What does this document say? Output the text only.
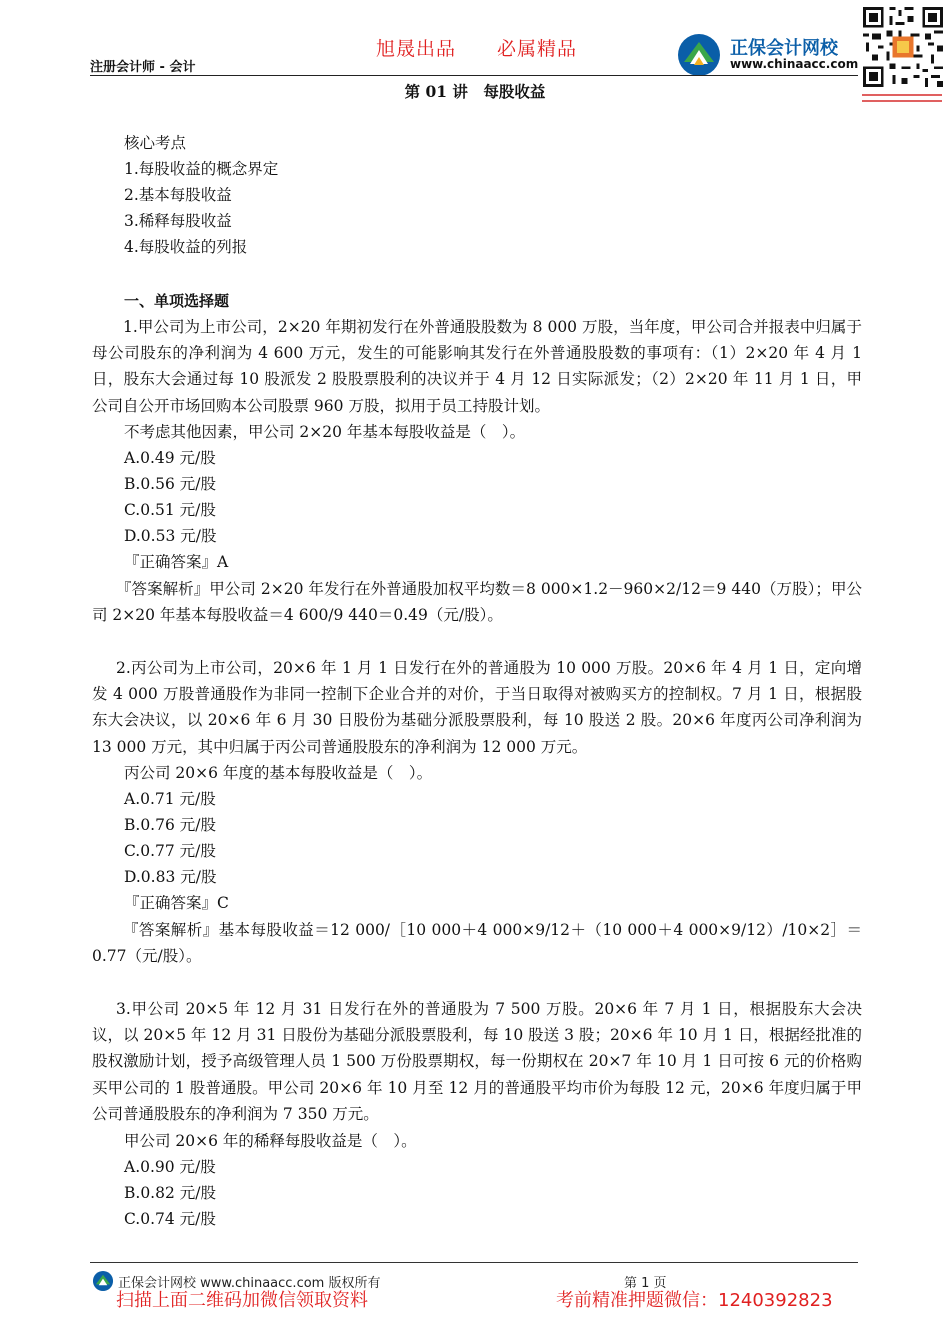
旭晟出品 必属精品
注册会计师 - 会计
正保会计网校
www.chinaacc.com
第 01 讲　每股收益
核心考点
1.每股收益的概念界定
2.基本每股收益
3.稀释每股收益
4.每股收益的列报
一、单项选择题
1.甲公司为上市公司，2×20 年期初发行在外普通股股数为 8 000 万股，当年度，甲公司合并报表中归属于母公司股东的净利润为 4 600 万元，发生的可能影响其发行在外普通股股数的事项有：（1）2×20 年 4 月 1 日，股东大会通过每 10 股派发 2 股股票股利的决议并于 4 月 12 日实际派发；（2）2×20 年 11 月 1 日，甲公司自公开市场回购本公司股票 960 万股，拟用于员工持股计划。
不考虑其他因素，甲公司 2×20 年基本每股收益是（　）。
A.0.49 元/股
B.0.56 元/股
C.0.51 元/股
D.0.53 元/股
『正确答案』A
『答案解析』甲公司 2×20 年发行在外普通股加权平均数＝8 000×1.2－960×2/12＝9 440（万股）；甲公司 2×20 年基本每股收益＝4 600/9 440＝0.49（元/股）。
2.丙公司为上市公司，20×6 年 1 月 1 日发行在外的普通股为 10 000 万股。20×6 年 4 月 1 日，定向增发 4 000 万股普通股作为非同一控制下企业合并的对价，于当日取得对被购买方的控制权。7 月 1 日，根据股东大会决议，以 20×6 年 6 月 30 日股份为基础分派股票股利，每 10 股送 2 股。20×6 年度丙公司净利润为 13 000 万元，其中归属于丙公司普通股股东的净利润为 12 000 万元。
丙公司 20×6 年度的基本每股收益是（　）。
A.0.71 元/股
B.0.76 元/股
C.0.77 元/股
D.0.83 元/股
『正确答案』C
『答案解析』基本每股收益＝12 000/［10 000＋4 000×9/12＋（10 000＋4 000×9/12）/10×2］＝0.77（元/股）。
3.甲公司 20×5 年 12 月 31 日发行在外的普通股为 7 500 万股。20×6 年 7 月 1 日，根据股东大会决议，以 20×5 年 12 月 31 日股份为基础分派股票股利，每 10 股送 3 股；20×6 年 10 月 1 日，根据经批准的股权激励计划，授予高级管理人员 1 500 万份股票期权，每一份期权在 20×7 年 10 月 1 日可按 6 元的价格购买甲公司的 1 股普通股。甲公司 20×6 年 10 月至 12 月的普通股平均市价为每股 12 元，20×6 年度归属于甲公司普通股股东的净利润为 7 350 万元。
甲公司 20×6 年的稀释每股收益是（　）。
A.0.90 元/股
B.0.82 元/股
C.0.74 元/股
正保会计网校 www.chinaacc.com 版权所有	第 1 页
扫描上面二维码加微信领取资料	考前精准押题微信：1240392823
